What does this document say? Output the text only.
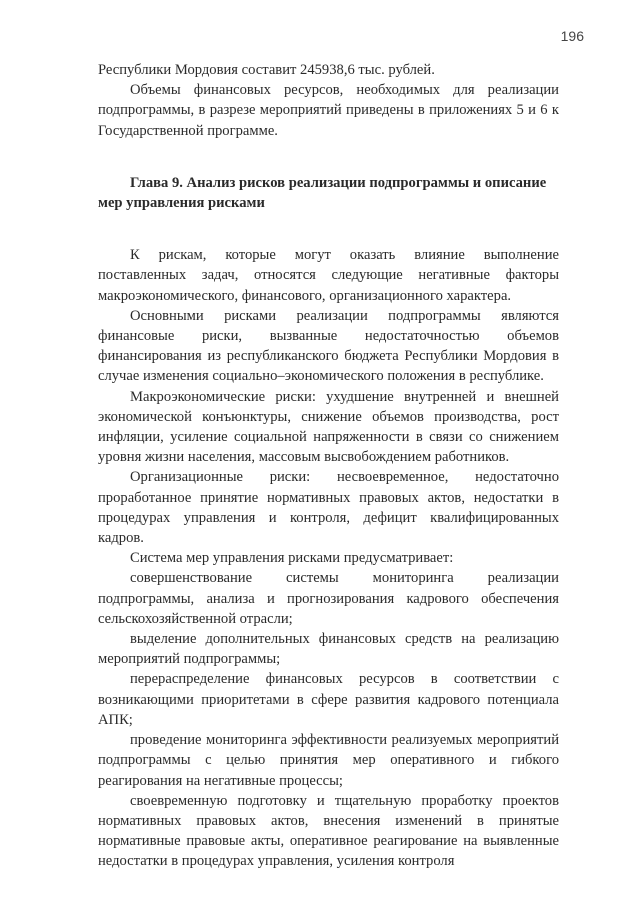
196

Республики Мордовия составит 245938,6 тыс. рублей.

Объемы финансовых ресурсов, необходимых для реализации подпрограммы, в разрезе мероприятий приведены в приложениях 5 и 6 к Государственной программе.

Глава 9. Анализ рисков реализации подпрограммы и описание мер управления рисками

К рискам, которые могут оказать влияние выполнение поставленных задач, относятся следующие негативные факторы макроэкономического, финансового, организационного характера.

Основными рисками реализации подпрограммы являются финансовые риски, вызванные недостаточностью объемов финансирования из республиканского бюджета Республики Мордовия в случае изменения социально–экономического положения в республике.

Макроэкономические риски: ухудшение внутренней и внешней экономической конъюнктуры, снижение объемов производства, рост инфляции, усиление социальной напряженности в связи со снижением уровня жизни населения, массовым высвобождением работников.

Организационные риски: несвоевременное, недостаточно проработанное принятие нормативных правовых актов, недостатки в процедурах управления и контроля, дефицит квалифицированных кадров.

Система мер управления рисками предусматривает:

совершенствование системы мониторинга реализации подпрограммы, анализа и прогнозирования кадрового обеспечения сельскохозяйственной отрасли;

выделение дополнительных финансовых средств на реализацию мероприятий подпрограммы;

перераспределение финансовых ресурсов в соответствии с возникающими приоритетами в сфере развития кадрового потенциала АПК;

проведение мониторинга эффективности реализуемых мероприятий подпрограммы с целью принятия мер оперативного и гибкого реагирования на негативные процессы;

своевременную подготовку и тщательную проработку проектов нормативных правовых актов, внесения изменений в принятые нормативные правовые акты, оперативное реагирование на выявленные недостатки в процедурах управления, усиления контроля
